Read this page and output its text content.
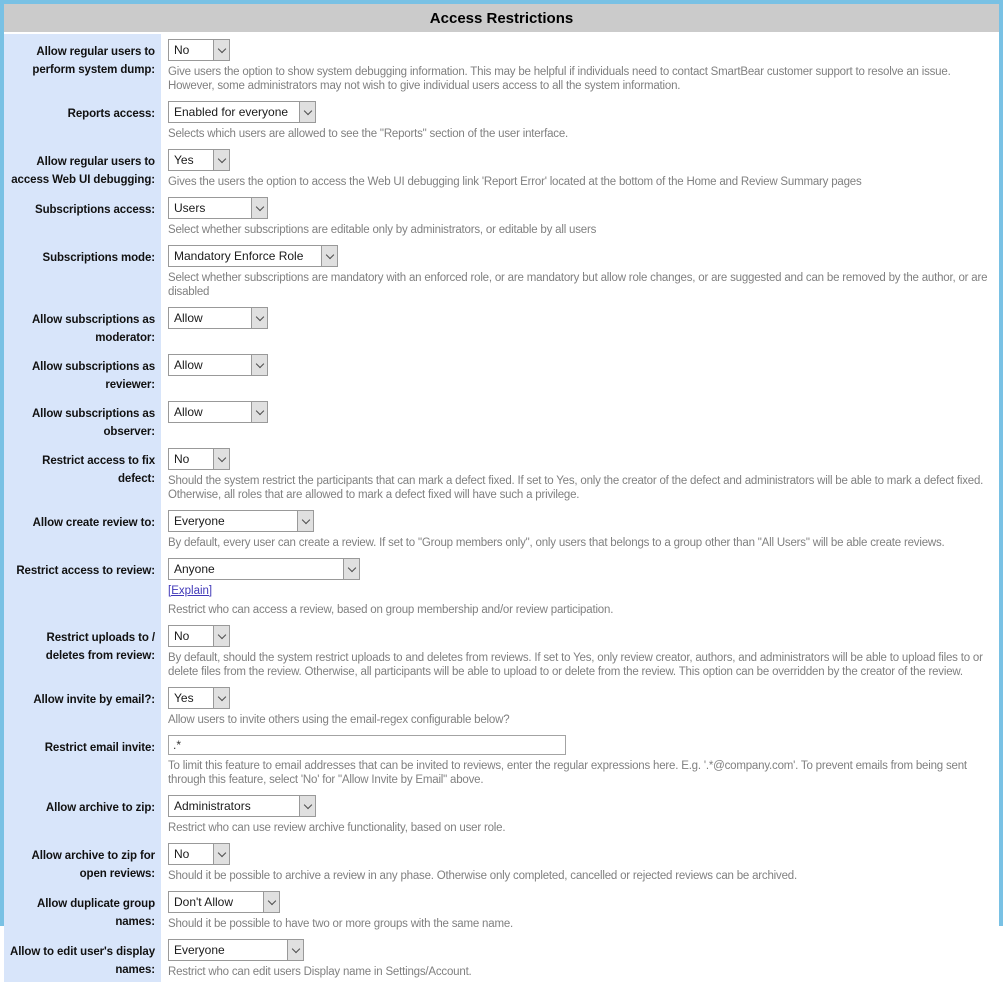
Access Restrictions
Allow regular users to perform system dump:	
No
Give users the option to show system debugging information. This may be helpful if individuals need to contact SmartBear customer support to resolve an issue. However, some administrators may not wish to give individual users access to all the system information.

Reports access:	Enabled for everyone
Selects which users are allowed to see the "Reports" section of the user interface.

Allow regular users to access Web UI debugging:	
Yes
Gives the users the option to access the Web UI debugging link 'Report Error' located at the bottom of the Home and Review Summary pages

Subscriptions access:	Users
Select whether subscriptions are editable only by administrators, or editable by all users

Subscriptions mode:	Mandatory Enforce Role
Select whether subscriptions are mandatory with an enforced role, or are mandatory but allow role changes, or are suggested and can be removed by the author, or are disabled

Allow subscriptions as moderator:	
Allow

Allow subscriptions as reviewer:	
Allow

Allow subscriptions as observer:	
Allow

Restrict access to fix defect:	
No
Should the system restrict the participants that can mark a defect fixed. If set to Yes, only the creator of the defect and administrators will be able to mark a defect fixed. Otherwise, all roles that are allowed to mark a defect fixed will have such a privilege.

Allow create review to:	Everyone
By default, every user can create a review. If set to "Group members only", only users that belongs to a group other than "All Users" will be able create reviews.

Restrict access to review:	Anyone

[Explain]
Restrict who can access a review, based on group membership and/or review participation.

Restrict uploads to / deletes from review:	
No
By default, should the system restrict uploads to and deletes from reviews. If set to Yes, only review creator, authors, and administrators will be able to upload files to or delete files from the review. Otherwise, all participants will be able to upload to or delete from the review. This option can be overridden by the creator of the review.

Allow invite by email?:	Yes
Allow users to invite others using the email-regex configurable below?

Restrict email invite:	.*
To limit this feature to email addresses that can be invited to reviews, enter the regular expressions here. E.g. '.*@company.com'. To prevent emails from being sent through this feature, select 'No' for "Allow Invite by Email" above.

Allow archive to zip:	Administrators
Restrict who can use review archive functionality, based on user role.

Allow archive to zip for open reviews:	
No
Should it be possible to archive a review in any phase. Otherwise only completed, cancelled or rejected reviews can be archived.

Allow duplicate group names:	
Don't Allow
Should it be possible to have two or more groups with the same name.

Allow to edit user's display names:	
Everyone
Restrict who can edit users Display name in Settings/Account.
